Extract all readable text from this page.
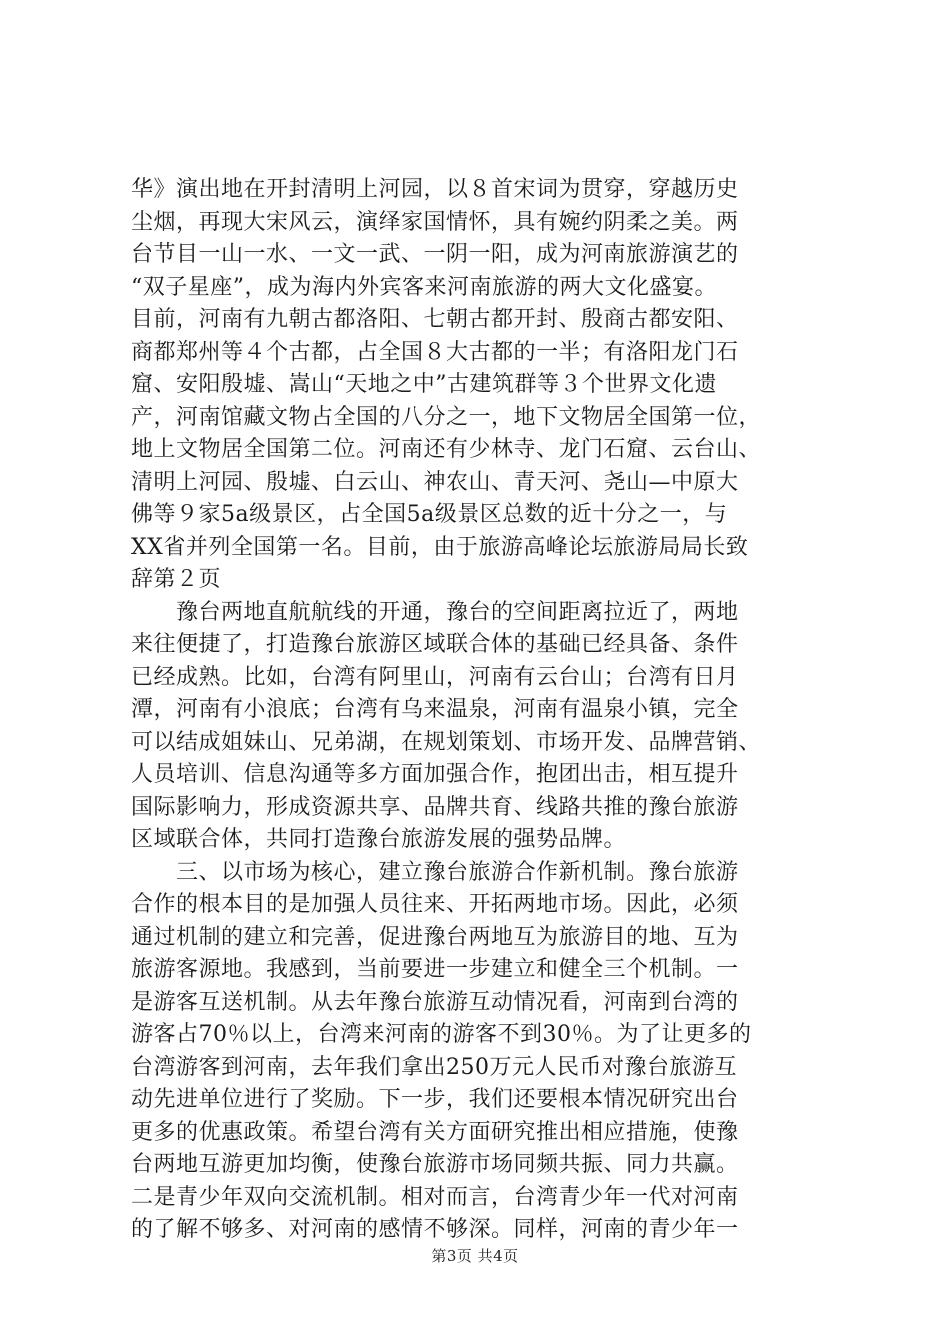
华》演出地在开封清明上河园，以８首宋词为贯穿，穿越历史
尘烟，再现大宋风云，演绎家国情怀，具有婉约阴柔之美。两
台节目一山一水、一文一武、一阴一阳，成为河南旅游演艺的
“双子星座”，成为海内外宾客来河南旅游的两大文化盛宴。
目前，河南有九朝古都洛阳、七朝古都开封、殷商古都安阳、
商都郑州等４个古都，占全国８大古都的一半；有洛阳龙门石
窟、安阳殷墟、嵩山“天地之中”古建筑群等３个世界文化遗
产，河南馆藏文物占全国的八分之一，地下文物居全国第一位，
地上文物居全国第二位。河南还有少林寺、龙门石窟、云台山、
清明上河园、殷墟、白云山、神农山、青天河、尧山—中原大
佛等９家5a级景区，占全国5a级景区总数的近十分之一，与
XX省并列全国第一名。目前，由于旅游高峰论坛旅游局局长致
辞第２页
　　豫台两地直航航线的开通，豫台的空间距离拉近了，两地
来往便捷了，打造豫台旅游区域联合体的基础已经具备、条件
已经成熟。比如，台湾有阿里山，河南有云台山；台湾有日月
潭，河南有小浪底；台湾有乌来温泉，河南有温泉小镇，完全
可以结成姐妹山、兄弟湖，在规划策划、市场开发、品牌营销、
人员培训、信息沟通等多方面加强合作，抱团出击，相互提升
国际影响力，形成资源共享、品牌共育、线路共推的豫台旅游
区域联合体，共同打造豫台旅游发展的强势品牌。
　　三、以市场为核心，建立豫台旅游合作新机制。豫台旅游
合作的根本目的是加强人员往来、开拓两地市场。因此，必须
通过机制的建立和完善，促进豫台两地互为旅游目的地、互为
旅游客源地。我感到，当前要进一步建立和健全三个机制。一
是游客互送机制。从去年豫台旅游互动情况看，河南到台湾的
游客占70％以上，台湾来河南的游客不到30％。为了让更多的
台湾游客到河南，去年我们拿出250万元人民币对豫台旅游互
动先进单位进行了奖励。下一步，我们还要根本情况研究出台
更多的优惠政策。希望台湾有关方面研究推出相应措施，使豫
台两地互游更加均衡，使豫台旅游市场同频共振、同力共赢。
二是青少年双向交流机制。相对而言，台湾青少年一代对河南
的了解不够多、对河南的感情不够深。同样，河南的青少年一
第3页 共4页
